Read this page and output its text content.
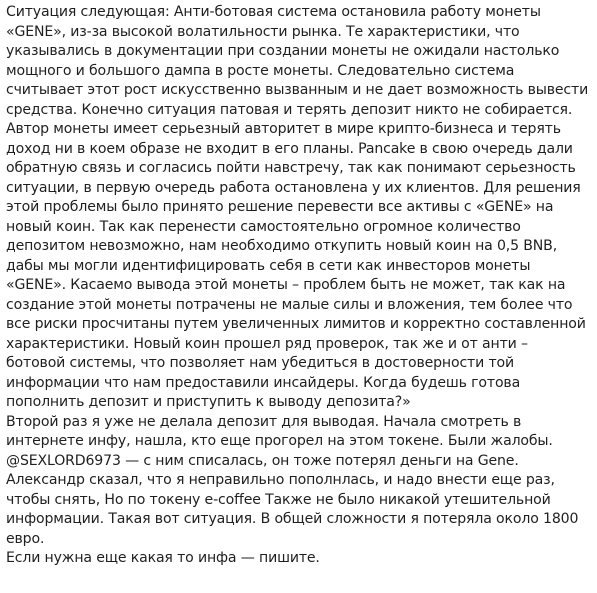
Ситуация следующая: Анти-ботовая система остановила работу монеты «GENE», из-за высокой волатильности рынка. Те характеристики, что указывались в документации при создании монеты не ожидали настолько мощного и большого дампа в росте монеты. Следовательно система считывает этот рост искусственно вызванным и не дает возможность вывести средства. Конечно ситуация патовая и терять депозит никто не собирается. Автор монеты имеет серьезный авторитет в мире крипто-бизнеса и терять доход ни в коем образе не входит в его планы. Pancake в свою очередь дали обратную связь и согласись пойти навстречу, так как понимают серьезность ситуации, в первую очередь работа остановлена у их клиентов. Для решения этой проблемы было принято решение перевести все активы с «GENE» на новый коин. Так как перенести самостоятельно огромное количество депозитом невозможно, нам необходимо откупить новый коин на 0,5 BNB, дабы мы могли идентифицировать себя в сети как инвесторов монеты «GENE». Касаемо вывода этой монеты – проблем быть не может, так как на создание этой монеты потрачены не малые силы и вложения, тем более что все риски просчитаны путем увеличенных лимитов и корректно составленной характеристики. Новый коин прошел ряд проверок, так же и от анти – ботовой системы, что позволяет нам убедиться в достоверности той информации что нам предоставили инсайдеры. Когда будешь готова пополнить депозит и приступить к выводу депозита?»

Второй раз я уже не делала депозит для выводая. Начала смотреть в интернете инфу, нашла, кто еще прогорел на этом токене. Были жалобы. @SEXLORD6973 — с ним списалась, он тоже потерял деньги на Gene. Александр сказал, что я неправильно пополнлась, и надо внести еще раз, чтобы снять, Но по токену e-coffee Также не было никакой утешительной информации. Такая вот ситуация. В общей сложности я потеряла около 1800 евро.

Если нужна еще какая то инфа — пишите.
